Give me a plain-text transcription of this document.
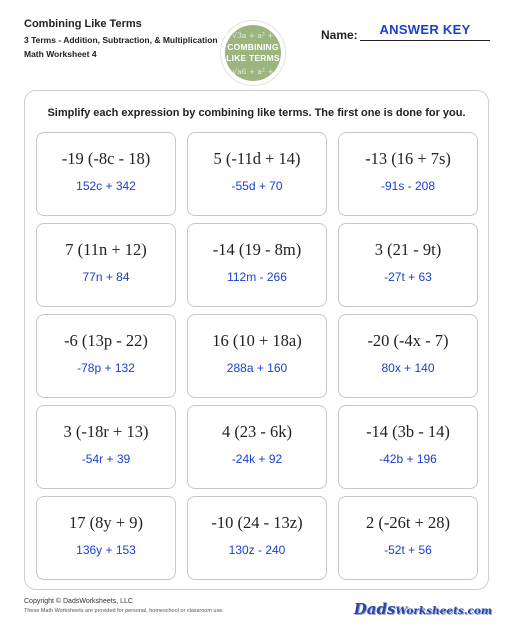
Combining Like Terms
3 Terms - Addition, Subtraction, & Multiplication
Math Worksheet 4
√3a + a² +
COMBINING
LIKE TERMS
√a6 + a² +
Name:	ANSWER KEY
Simplify each expression by combining like terms. The first one is done for you.
-19 (-8c - 18)
152c + 342
5 (-11d + 14)
-55d + 70
-13 (16 + 7s)
-91s - 208
7 (11n + 12)
77n + 84
-14 (19 - 8m)
112m - 266
3 (21 - 9t)
-27t + 63
-6 (13p - 22)
-78p + 132
16 (10 + 18a)
288a + 160
-20 (-4x - 7)
80x + 140
3 (-18r + 13)
-54r + 39
4 (23 - 6k)
-24k + 92
-14 (3b - 14)
-42b + 196
17 (8y + 9)
136y + 153
-10 (24 - 13z)
130z - 240
2 (-26t + 28)
-52t + 56
Copyright © DadsWorksheets, LLC
These Math Worksheets are provided for personal, homeschool or classroom use.	DadsWorksheets.com
